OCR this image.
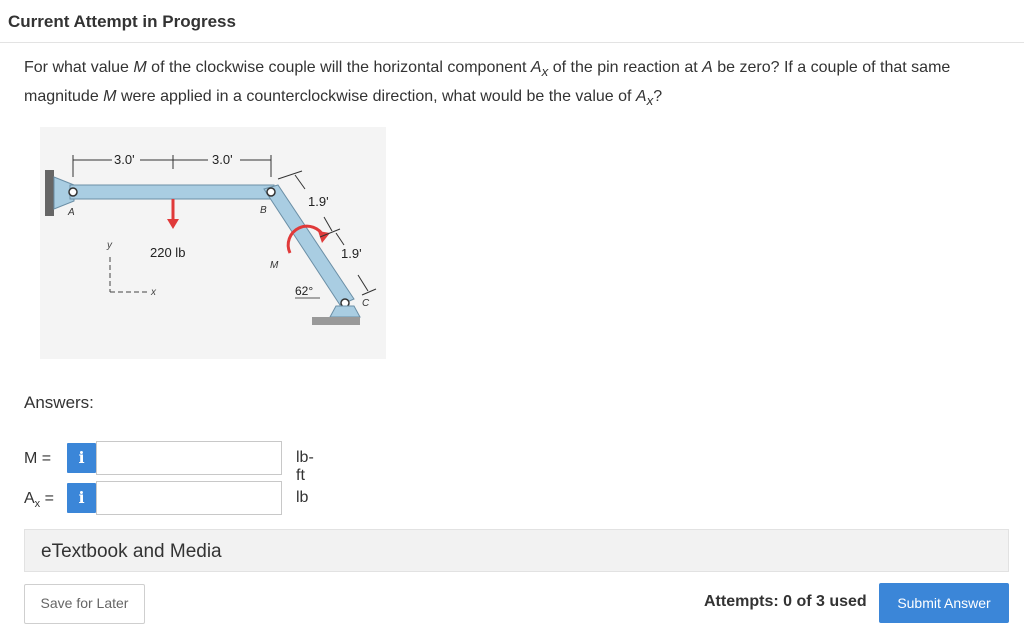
Current Attempt in Progress
For what value M of the clockwise couple will the horizontal component $A_x$ of the pin reaction at A be zero? If a couple of that same magnitude M were applied in a counterclockwise direction, what would be the value of $A_x$?
3.0'	3.0'
220 lb
y
x
A	B
C
M
1.9'
1.9'
62°
Answers:
M =	i	lb-ft
$A_x$ =	i	lb
eTextbook and Media
Save for Later	Attempts: 0 of 3 used	Submit Answer
